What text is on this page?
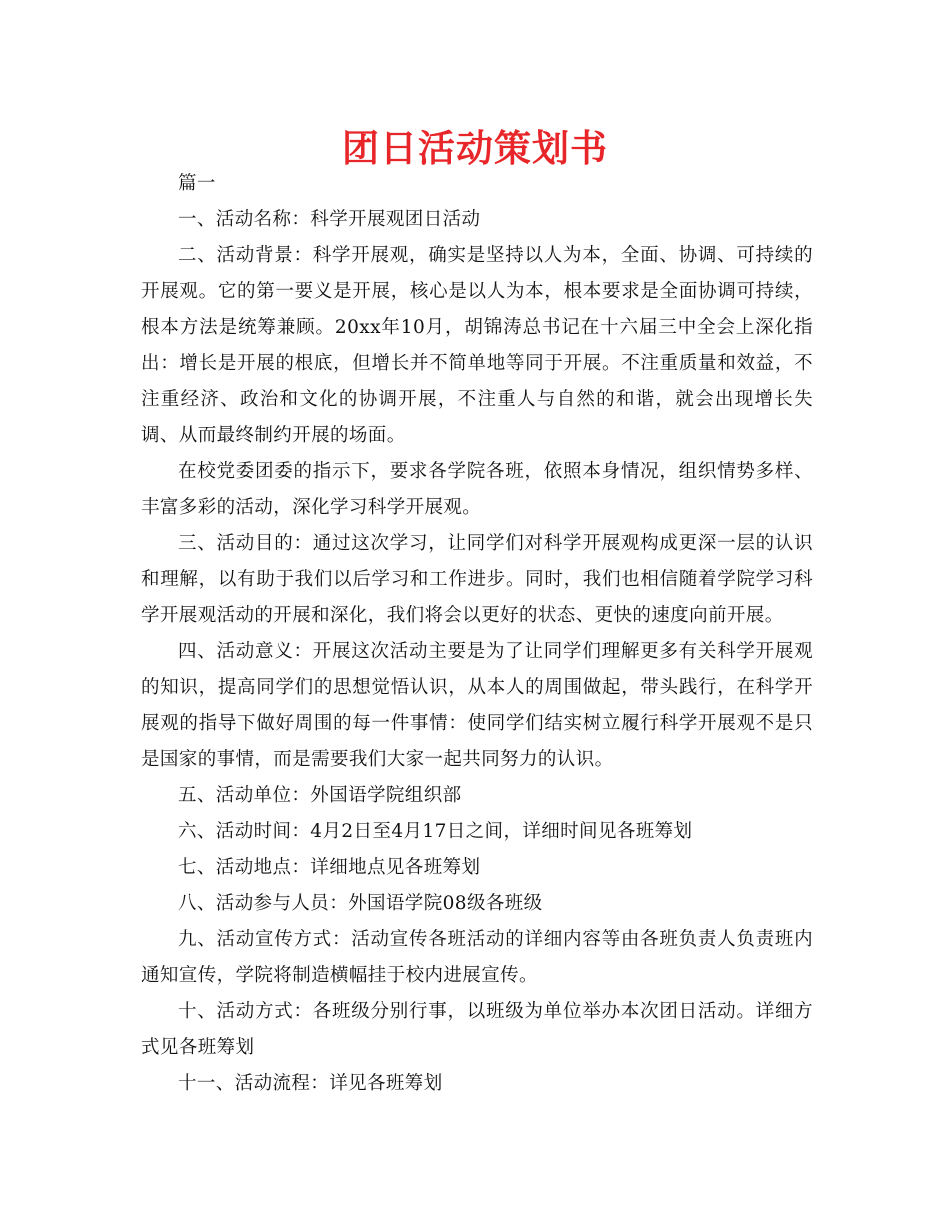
团日活动策划书

篇一

一、活动名称：科学开展观团日活动

二、活动背景：科学开展观，确实是坚持以人为本，全面、协调、可持续的开展观。它的第一要义是开展，核心是以人为本，根本要求是全面协调可持续，根本方法是统筹兼顾。20xx年10月，胡锦涛总书记在十六届三中全会上深化指出：增长是开展的根底，但增长并不简单地等同于开展。不注重质量和效益，不注重经济、政治和文化的协调开展，不注重人与自然的和谐，就会出现增长失调、从而最终制约开展的场面。

在校党委团委的指示下，要求各学院各班，依照本身情况，组织情势多样、丰富多彩的活动，深化学习科学开展观。

三、活动目的：通过这次学习，让同学们对科学开展观构成更深一层的认识和理解，以有助于我们以后学习和工作进步。同时，我们也相信随着学院学习科学开展观活动的开展和深化，我们将会以更好的状态、更快的速度向前开展。

四、活动意义：开展这次活动主要是为了让同学们理解更多有关科学开展观的知识，提高同学们的思想觉悟认识，从本人的周围做起，带头践行，在科学开展观的指导下做好周围的每一件事情：使同学们结实树立履行科学开展观不是只是国家的事情，而是需要我们大家一起共同努力的认识。

五、活动单位：外国语学院组织部

六、活动时间：4月2日至4月17日之间，详细时间见各班筹划

七、活动地点：详细地点见各班筹划

八、活动参与人员：外国语学院08级各班级

九、活动宣传方式：活动宣传各班活动的详细内容等由各班负责人负责班内通知宣传，学院将制造横幅挂于校内进展宣传。

十、活动方式：各班级分别行事，以班级为单位举办本次团日活动。详细方式见各班筹划

十一、活动流程：详见各班筹划
